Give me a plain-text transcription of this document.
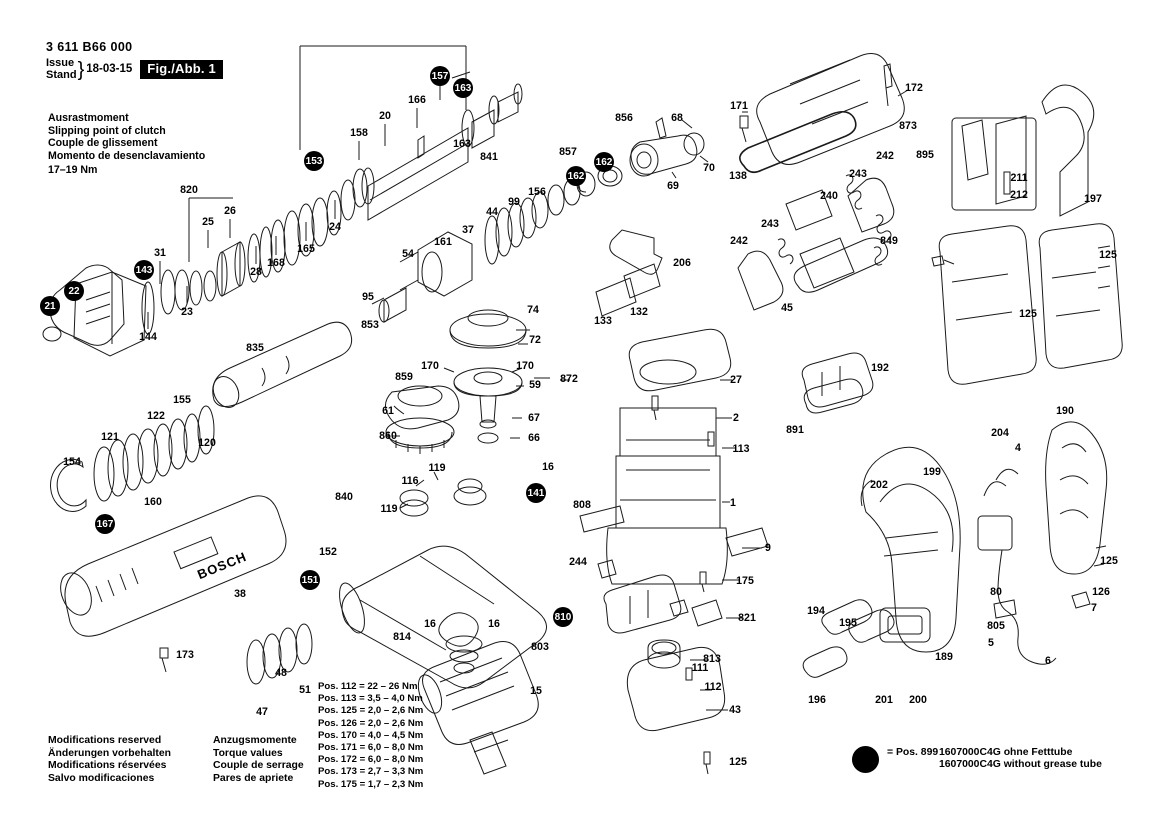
3 611 B66 000
Issue
Stand } 18-03-15	Fig./Abb. 1
Ausrastmoment
Slipping point of clutch
Couple de glissement
Momento de desenclavamiento
17–19 Nm
Modifications reserved
Änderungen vorbehalten
Modifications réservées
Salvo modificaciones
Anzugsmomente
Torque values
Couple de serrage
Pares de apriete
Pos. 112 = 22 – 26 Nm
Pos. 113 = 3,5 – 4,0 Nm
Pos. 125 = 2,0 – 2,6 Nm
Pos. 126 = 2,0 – 2,6 Nm
Pos. 170 = 4,0 – 4,5 Nm
Pos. 171 = 6,0 – 8,0 Nm
Pos. 172 = 6,0 – 8,0 Nm
Pos. 173 = 2,7 – 3,3 Nm
Pos. 175 = 1,7 – 2,3 Nm
= Pos. 899 1607000C4G ohne Fetttube
1607000C4G without grease tube
BOSCH
157
163
166
20
158
163
841
153
820	156
25
26
24
99
44
31	165
168
28
143
37
161
54
23
22
21
144
95
853
835
155
122
121	120
154
160
167
74
72
170	170
859
59 872
61
67
66
860
119
116
119
16
141
840
152
151
38
173
814
16	16
803
15
51
48
47
856	68
70
69
857
162
162
206
133
132
171
172
873
138
242
243
240
243
242	849
45
895
211
212	197
125
125
192
891	204
190
27
2
113
1
808
9
244
175
810	821
813
111
112
43
125
202
199
189
194
195
196	201 200
80
4
125
126
7
805
5
6
